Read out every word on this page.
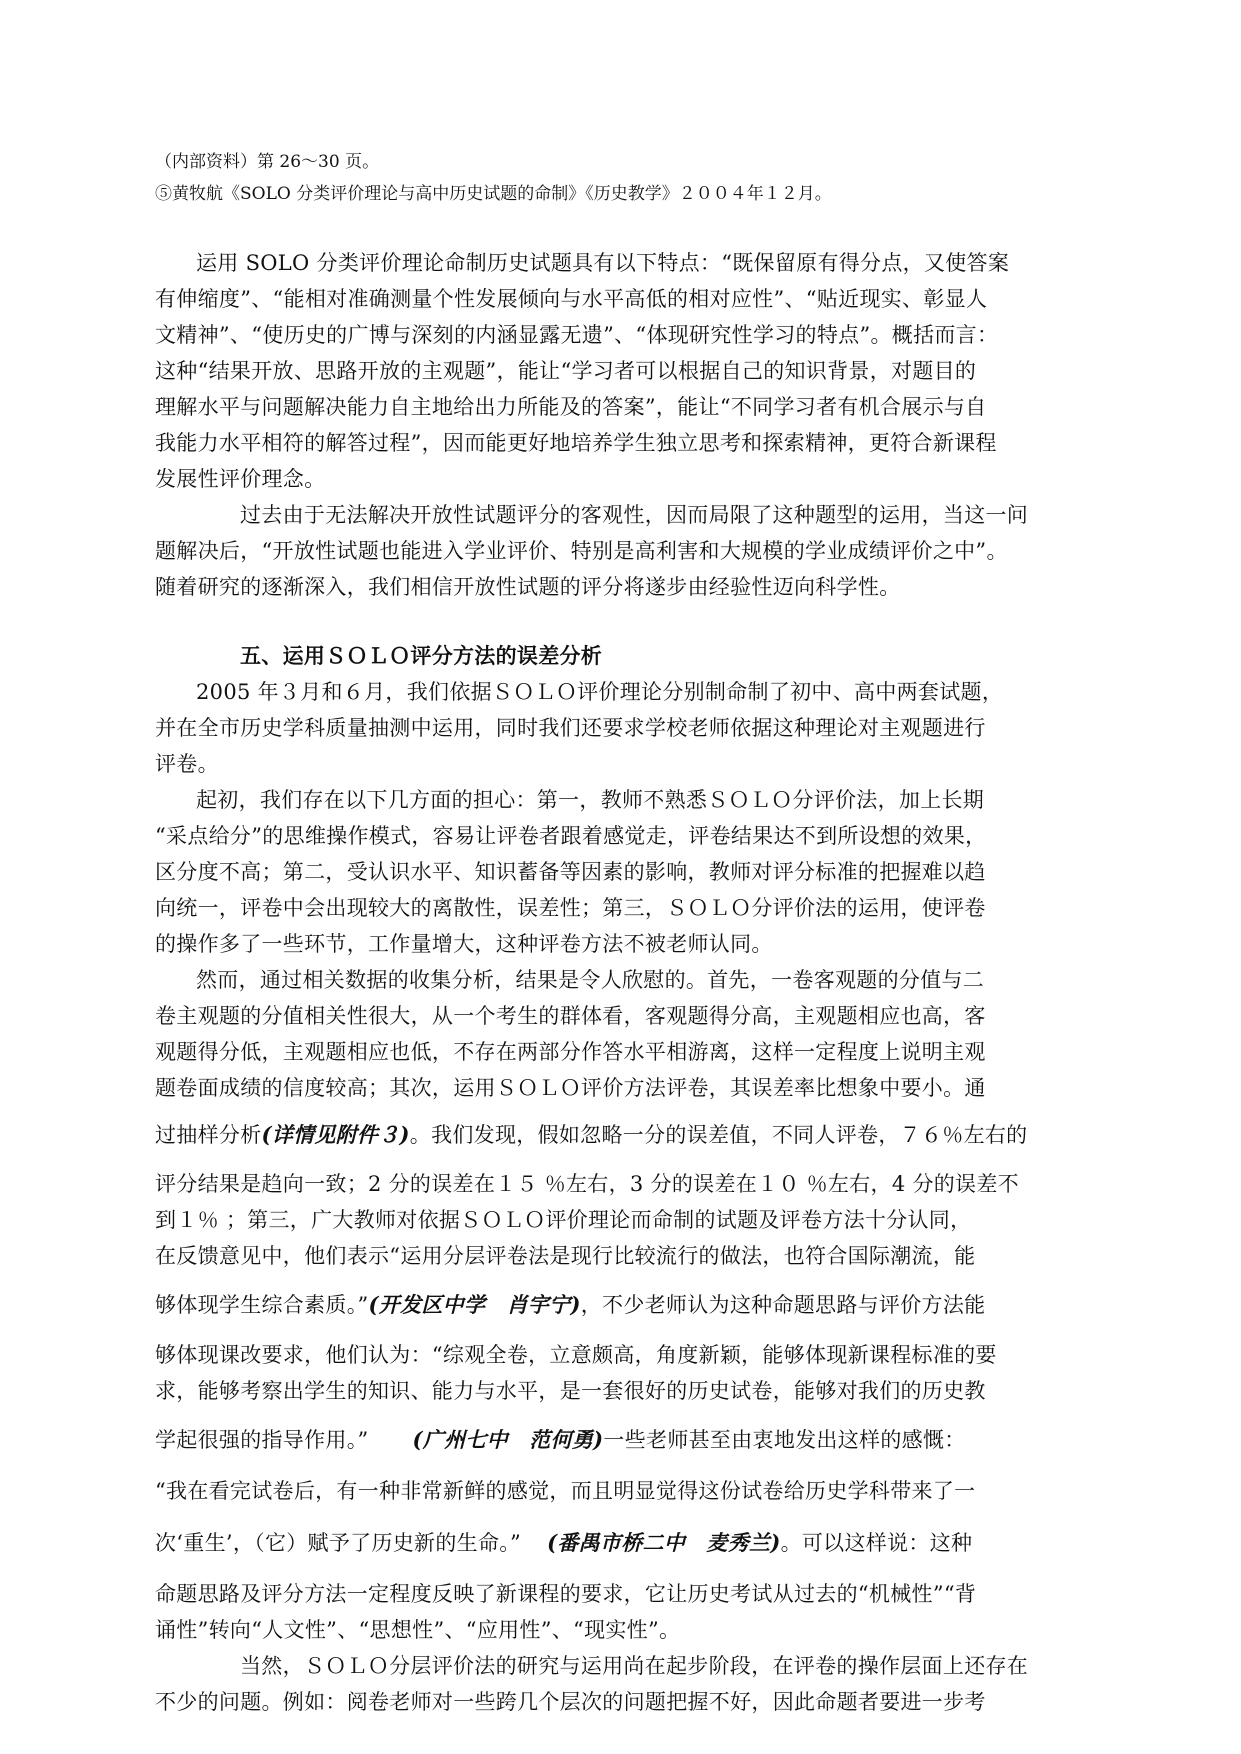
（内部资料）第 26～30 页。
⑤黄牧航《SOLO 分类评价理论与高中历史试题的命制》《历史教学》２００４年１２月。
运用 SOLO 分类评价理论命制历史试题具有以下特点：“既保留原有得分点，又使答案
有伸缩度”、“能相对准确测量个性发展倾向与水平高低的相对应性”、“贴近现实、彰显人
文精神”、“使历史的广博与深刻的内涵显露无遗”、“体现研究性学习的特点”。概括而言：
这种“结果开放、思路开放的主观题”，能让“学习者可以根据自己的知识背景，对题目的
理解水平与问题解决能力自主地给出力所能及的答案”，能让“不同学习者有机合展示与自
我能力水平相符的解答过程”，因而能更好地培养学生独立思考和探索精神，更符合新课程
发展性评价理念。
过去由于无法解决开放性试题评分的客观性，因而局限了这种题型的运用，当这一问
题解决后，“开放性试题也能进入学业评价、特别是高利害和大规模的学业成绩评价之中”。
随着研究的逐渐深入，我们相信开放性试题的评分将遂步由经验性迈向科学性。
五、运用ＳＯＬＯ评分方法的误差分析
2005 年３月和６月，我们依据ＳＯＬＯ评价理论分别制命制了初中、高中两套试题，
并在全市历史学科质量抽测中运用，同时我们还要求学校老师依据这种理论对主观题进行
评卷。
起初，我们存在以下几方面的担心：第一，教师不熟悉ＳＯＬＯ分评价法，加上长期
“采点给分”的思维操作模式，容易让评卷者跟着感觉走，评卷结果达不到所设想的效果，
区分度不高；第二，受认识水平、知识蓄备等因素的影响，教师对评分标准的把握难以趋
向统一，评卷中会出现较大的离散性，误差性；第三，ＳＯＬＯ分评价法的运用，使评卷
的操作多了一些环节，工作量增大，这种评卷方法不被老师认同。
然而，通过相关数据的收集分析，结果是令人欣慰的。首先，一卷客观题的分值与二
卷主观题的分值相关性很大，从一个考生的群体看，客观题得分高，主观题相应也高，客
观题得分低，主观题相应也低，不存在两部分作答水平相游离，这样一定程度上说明主观
题卷面成绩的信度较高；其次，运用ＳＯＬＯ评价方法评卷，其误差率比想象中要小。通
过抽样分析(详情见附件３)。我们发现，假如忽略一分的误差值，不同人评卷，７６％左右的
评分结果是趋向一致；2 分的误差在１５ ％左右，3 分的误差在１０ ％左右，4 分的误差不
到１％ ；第三，广大教师对依据ＳＯＬＯ评价理论而命制的试题及评卷方法十分认同，
在反馈意见中，他们表示“运用分层评卷法是现行比较流行的做法，也符合国际潮流，能
够体现学生综合素质。”(开发区中学　肖宇宁)，不少老师认为这种命题思路与评价方法能
够体现课改要求，他们认为：“综观全卷，立意颇高，角度新颖，能够体现新课程标准的要
求，能够考察出学生的知识、能力与水平，是一套很好的历史试卷，能够对我们的历史教
学起很强的指导作用。” (广州七中　范何勇)一些老师甚至由衷地发出这样的感慨：
“我在看完试卷后，有一种非常新鲜的感觉，而且明显觉得这份试卷给历史学科带来了一
次‘重生’，（它）赋予了历史新的生命。” (番禺市桥二中　麦秀兰)。可以这样说：这种
命题思路及评分方法一定程度反映了新课程的要求，它让历史考试从过去的“机械性”“背
诵性”转向“人文性”、“思想性”、“应用性”、“现实性”。
当然，ＳＯＬＯ分层评价法的研究与运用尚在起步阶段，在评卷的操作层面上还存在
不少的问题。例如：阅卷老师对一些跨几个层次的问题把握不好，因此命题者要进一步考
